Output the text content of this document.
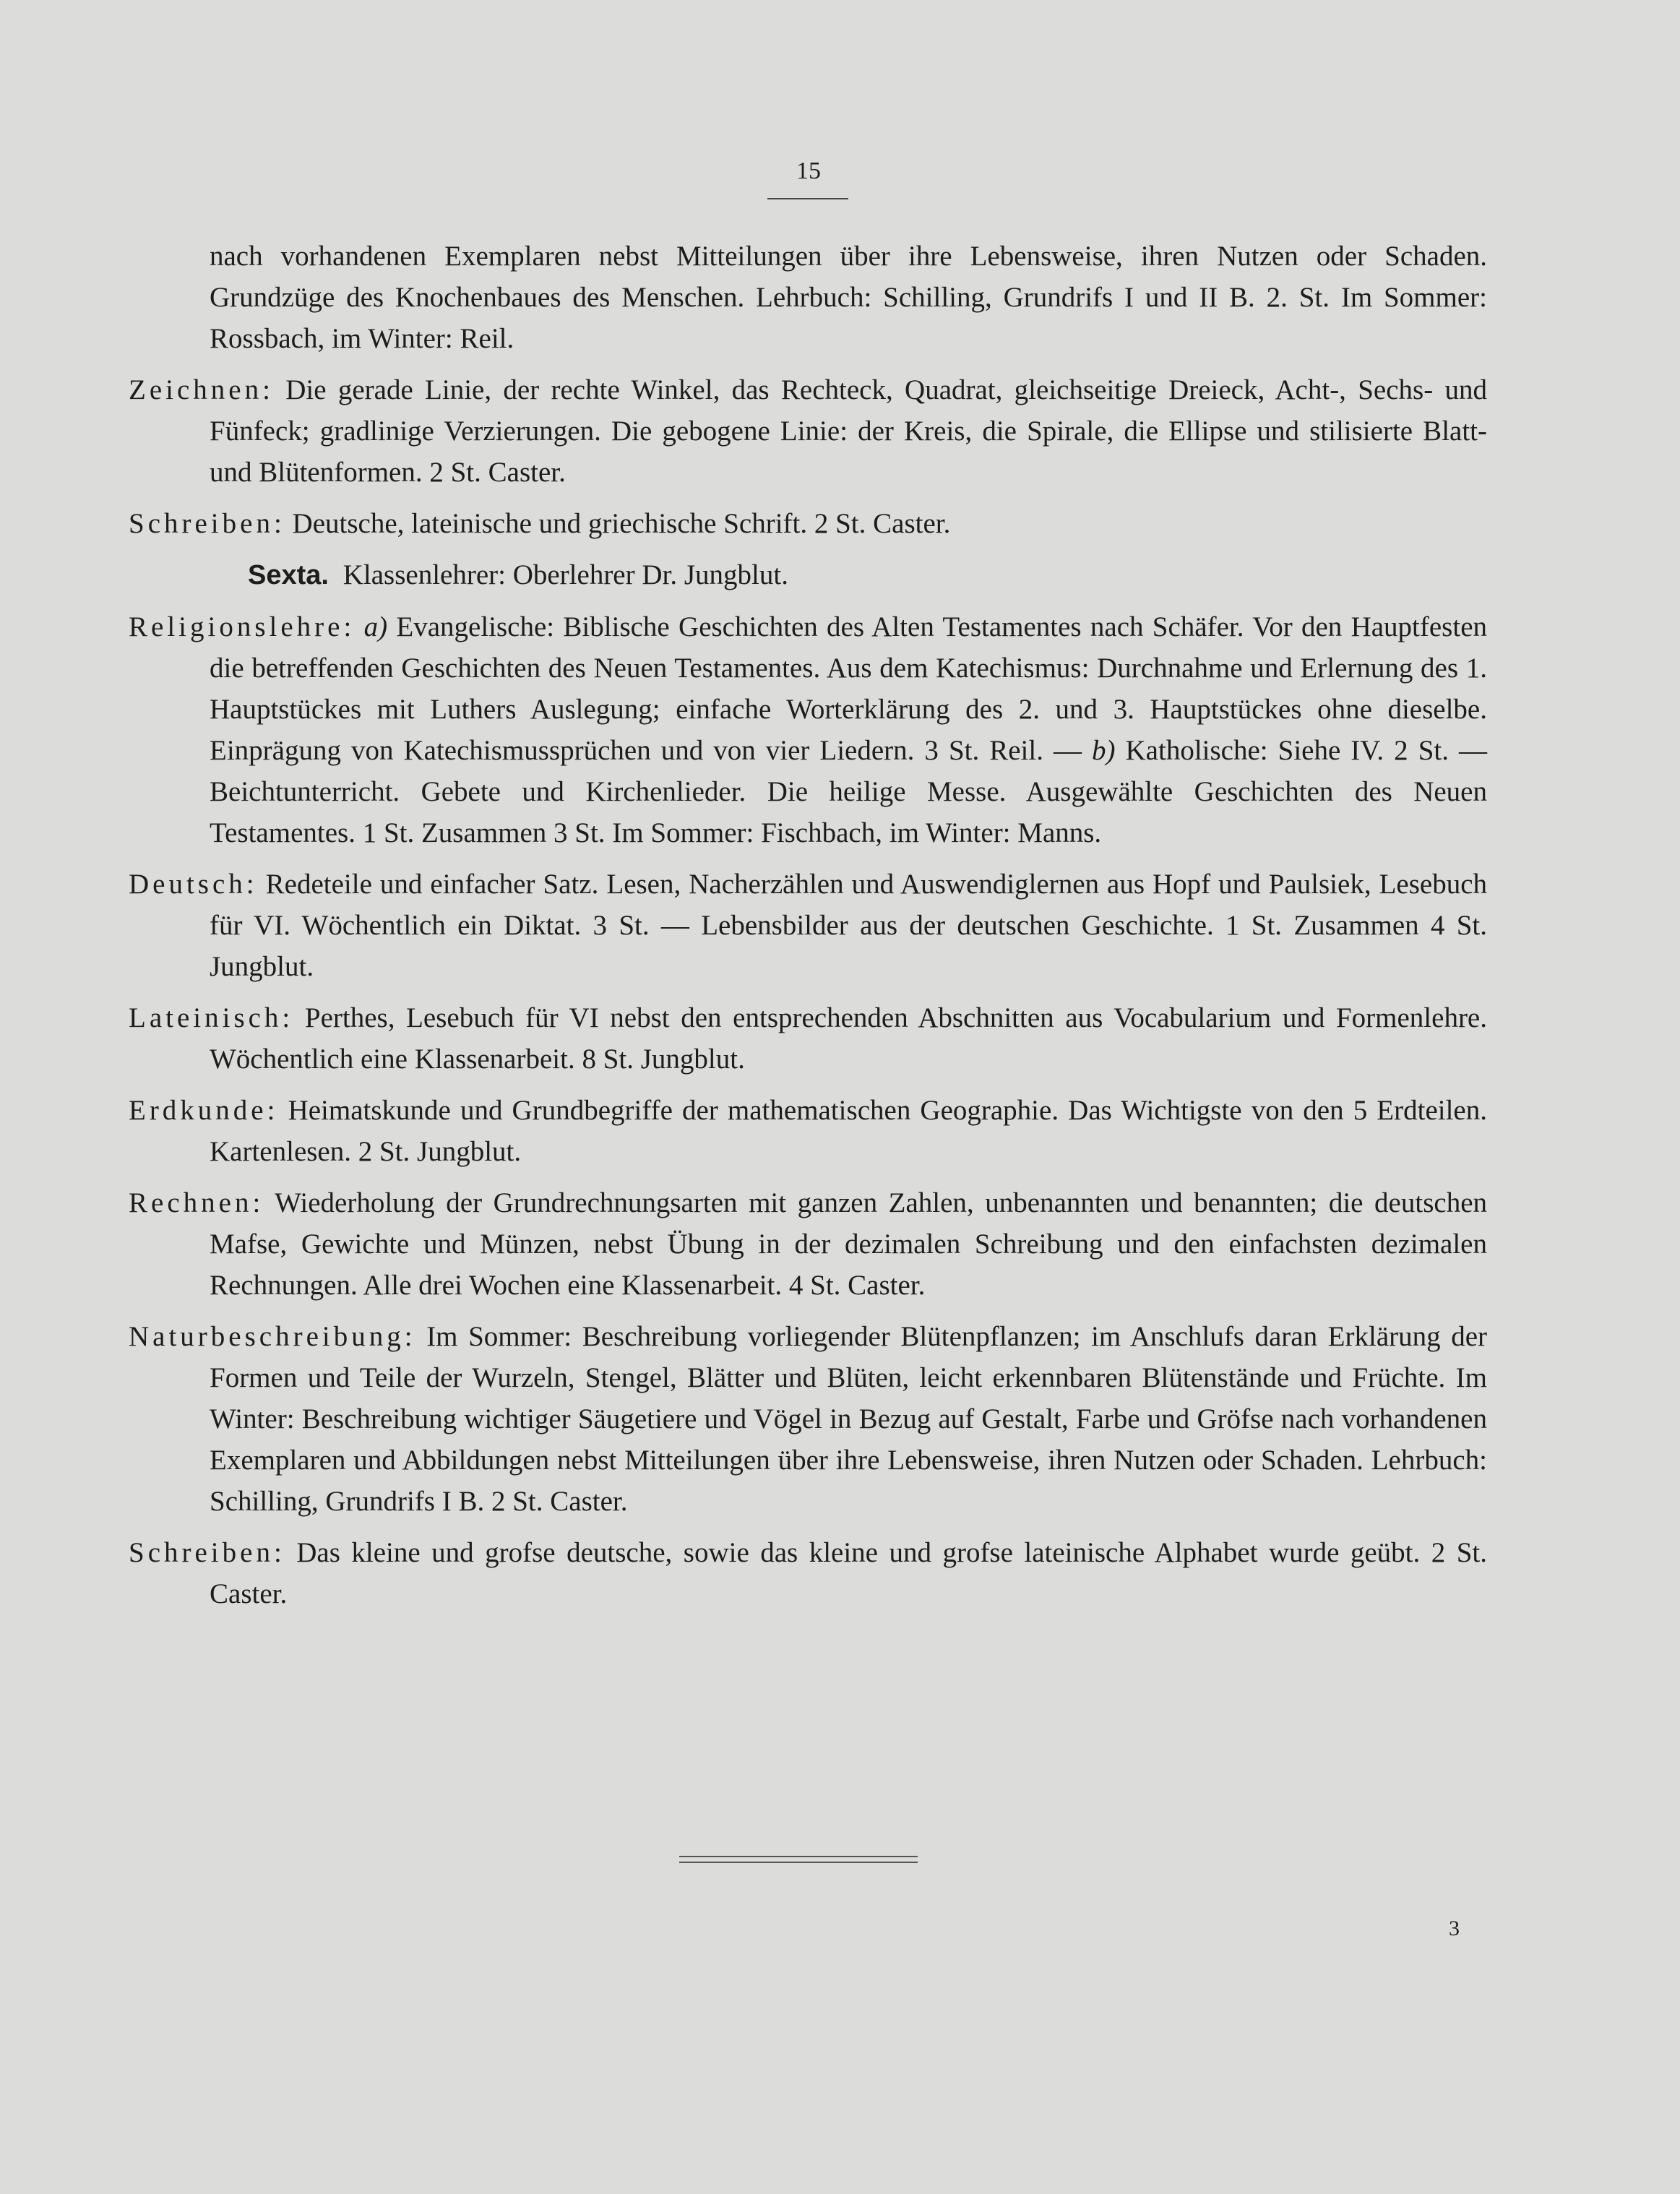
15

nach vorhandenen Exemplaren nebst Mitteilungen über ihre Lebensweise, ihren Nutzen oder Schaden. Grundzüge des Knochenbaues des Menschen. Lehrbuch: Schilling, Grundrifs I und II B. 2. St. Im Sommer: Rossbach, im Winter: Reil.

Zeichnen: Die gerade Linie, der rechte Winkel, das Rechteck, Quadrat, gleichseitige Dreieck, Acht-, Sechs- und Fünfeck; gradlinige Verzierungen. Die gebogene Linie: der Kreis, die Spirale, die Ellipse und stilisierte Blatt- und Blütenformen. 2 St. Caster.

Schreiben: Deutsche, lateinische und griechische Schrift. 2 St. Caster.

Sexta. Klassenlehrer: Oberlehrer Dr. Jungblut.

Religionslehre: a) Evangelische: Biblische Geschichten des Alten Testamentes nach Schäfer. Vor den Hauptfesten die betreffenden Geschichten des Neuen Testamentes. Aus dem Katechismus: Durchnahme und Erlernung des 1. Hauptstückes mit Luthers Auslegung; einfache Worterklärung des 2. und 3. Hauptstückes ohne dieselbe. Einprägung von Katechismussprüchen und von vier Liedern. 3 St. Reil. — b) Katholische: Siehe IV. 2 St. — Beichtunterricht. Gebete und Kirchenlieder. Die heilige Messe. Ausgewählte Geschichten des Neuen Testamentes. 1 St. Zusammen 3 St. Im Sommer: Fischbach, im Winter: Manns.

Deutsch: Redeteile und einfacher Satz. Lesen, Nacherzählen und Auswendiglernen aus Hopf und Paulsiek, Lesebuch für VI. Wöchentlich ein Diktat. 3 St. — Lebensbilder aus der deutschen Geschichte. 1 St. Zusammen 4 St. Jungblut.

Lateinisch: Perthes, Lesebuch für VI nebst den entsprechenden Abschnitten aus Vocabularium und Formenlehre. Wöchentlich eine Klassenarbeit. 8 St. Jungblut.

Erdkunde: Heimatskunde und Grundbegriffe der mathematischen Geographie. Das Wichtigste von den 5 Erdteilen. Kartenlesen. 2 St. Jungblut.

Rechnen: Wiederholung der Grundrechnungsarten mit ganzen Zahlen, unbenannten und benannten; die deutschen Mafse, Gewichte und Münzen, nebst Übung in der dezimalen Schreibung und den einfachsten dezimalen Rechnungen. Alle drei Wochen eine Klassenarbeit. 4 St. Caster.

Naturbeschreibung: Im Sommer: Beschreibung vorliegender Blütenpflanzen; im Anschlufs daran Erklärung der Formen und Teile der Wurzeln, Stengel, Blätter und Blüten, leicht erkennbaren Blütenstände und Früchte. Im Winter: Beschreibung wichtiger Säugetiere und Vögel in Bezug auf Gestalt, Farbe und Gröfse nach vorhandenen Exemplaren und Abbildungen nebst Mitteilungen über ihre Lebensweise, ihren Nutzen oder Schaden. Lehrbuch: Schilling, Grundrifs I B. 2 St. Caster.

Schreiben: Das kleine und grofse deutsche, sowie das kleine und grofse lateinische Alphabet wurde geübt. 2 St. Caster.

3
